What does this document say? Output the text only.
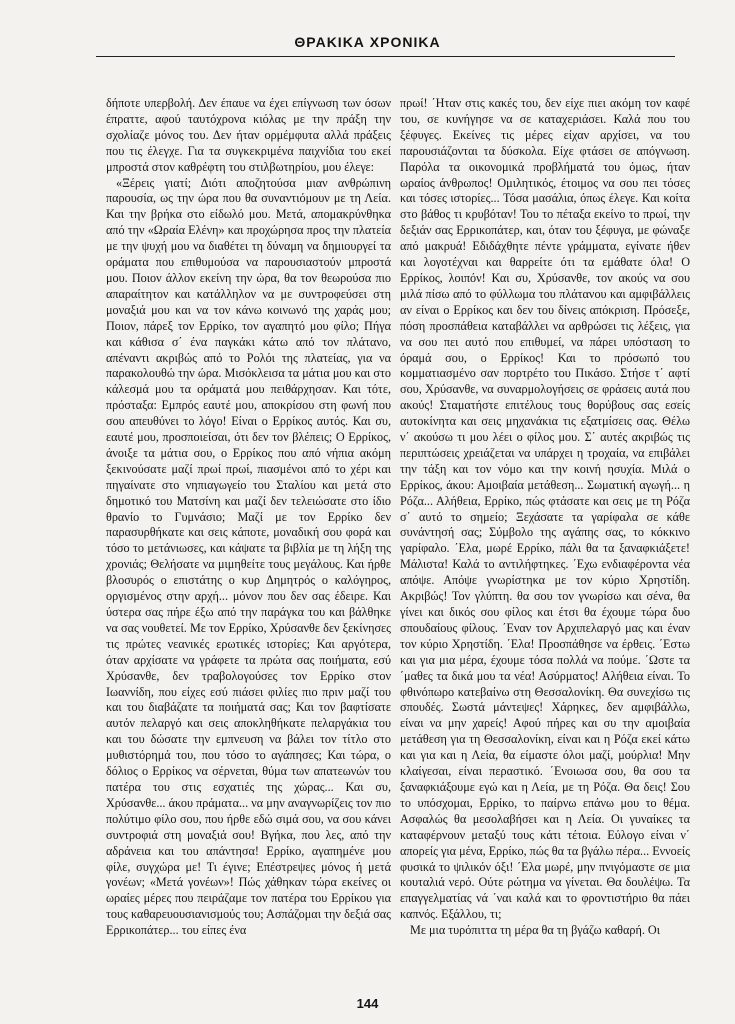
ΘΡΑΚΙΚΑ ΧΡΟΝΙΚΑ

δήποτε υπερβολή. Δεν έπαυε να έχει επίγνωση των όσων έπραττε, αφού ταυτόχρονα κιόλας με την πράξη την σχολίαζε μόνος του. Δεν ήταν ορμέμφυτα αλλά πράξεις που τις έλεγχε. Για τα συγκεκριμένα παιχνίδια του εκεί μπροστά στον καθρέφτη του στιλβωτηρίου, μου έλεγε:

«Ξέρεις γιατί; Διότι αποζητούσα μιαν ανθρώπινη παρουσία, ως την ώρα που θα συναντιόμουν με τη Λεία. Και την βρήκα στο είδωλό μου. Μετά, απομακρύνθηκα από την «Ωραία Ελένη» και προχώρησα προς την πλατεία με την ψυχή μου να διαθέτει τη δύναμη να δημιουργεί τα οράματα που επιθυμούσα να παρουσιαστούν μπροστά μου. Ποιον άλλον εκείνη την ώρα, θα τον θεωρούσα πιο απαραίτητον και κατάλληλον να με συντροφεύσει στη μοναξιά μου και να τον κάνω κοινωνό της χαράς μου; Ποιον, πάρεξ τον Ερρίκο, τον αγαπητό μου φίλο; Πήγα και κάθισα σ΄ ένα παγκάκι κάτω από τον πλάτανο, απέναντι ακριβώς από το Ρολόι της πλατείας, για να παρακολουθώ την ώρα. Μισόκλεισα τα μάτια μου και στο κάλεσμά μου τα οράματά μου πειθάρχησαν. Και τότε, πρόσταξα: Εμπρός εαυτέ μου, αποκρίσου στη φωνή που σου απευθύνει το λόγο! Είναι ο Ερρίκος αυτός. Και συ, εαυτέ μου, προσποιείσαι, ότι δεν τον βλέπεις; Ο Ερρίκος, άνοιξε τα μάτια σου, ο Ερρίκος που από νήπια ακόμη ξεκινούσατε μαζί πρωί πρωί, πιασμένοι από το χέρι και πηγαίνατε στο νηπιαγωγείο του Σταλίου και μετά στο δημοτικό του Ματσίνη και μαζί δεν τελειώσατε στο ίδιο θρανίο το Γυμνάσιο; Μαζί με τον Ερρίκο δεν παρασυρθήκατε και σεις κάποτε, μοναδική σου φορά και τόσο το μετάνιωσες, και κάψατε τα βιβλία με τη λήξη της χρονιάς; Θελήσατε να μιμηθείτε τους μεγάλους. Και ήρθε βλοσυρός ο επιστάτης ο κυρ Δημητρός ο καλόγηρος, οργισμένος στην αρχή... μόνον που δεν σας έδειρε. Και ύστερα σας πήρε έξω από την παράγκα του και βάλθηκε να σας νουθετεί. Με τον Ερρίκο, Χρύσανθε δεν ξεκίνησες τις πρώτες νεανικές ερωτικές ιστορίες; Και αργότερα, όταν αρχίσατε να γράφετε τα πρώτα σας ποιήματα, εσύ Χρύσανθε, δεν τραβολογούσες τον Ερρίκο στον Ιωαννίδη, που είχες εσύ πιάσει φιλίες πιο πριν μαζί του και του διαβάζατε τα ποιήματά σας; Και τον βαφτίσατε αυτόν πελαργό και σεις αποκληθήκατε πελαργάκια του και του δώσατε την εμπνευση να βάλει τον τίτλο στο μυθιστόρημά του, που τόσο το αγάπησες; Και τώρα, ο δόλιος ο Ερρίκος να σέρνεται, θύμα των απατεωνών του πατέρα του στις εσχατιές της χώρας... Και συ, Χρύσανθε... άκου πράματα... να μην αναγνωρίζεις τον πιο πολύτιμο φίλο σου, που ήρθε εδώ σιμά σου, να σου κάνει συντροφιά στη μοναξιά σου! Βγήκα, που λες, από την αδράνεια και του απάντησα! Ερρίκο, αγαπημένε μου φίλε, συγχώρα με! Τι έγινε; Επέστρεψες μόνος ή μετά γονέων; «Μετά γονέων»! Πώς χάθηκαν τώρα εκείνες οι ωραίες μέρες που πειράζαμε τον πατέρα του Ερρίκου για τους καθαρευουσιανισμούς του; Ασπάζομαι την δεξιά σας Ερρικοπάτερ... του είπες ένα

πρωί! ΄Ηταν στις κακές του, δεν είχε πιει ακόμη τον καφέ του, σε κυνήγησε να σε καταχεριάσει. Καλά που του ξέφυγες. Εκείνες τις μέρες είχαν αρχίσει, να του παρουσιάζονται τα δύσκολα. Είχε φτάσει σε απόγνωση. Παρόλα τα οικονομικά προβλήματά του όμως, ήταν ωραίος άνθρωπος! Ομιλητικός, έτοιμος να σου πει τόσες και τόσες ιστορίες... Τόσα μασάλια, όπως έλεγε. Και κοίτα στο βάθος τι κρυβόταν! Του το πέταξα εκείνο το πρωί, την δεξιάν σας Ερρικοπάτερ, και, όταν του ξέφυγα, με φώναξε από μακρυά! Εδιδάχθητε πέντε γράμματα, εγίνατε ήθεν και λογοτέχναι και θαρρείτε ότι τα εμάθατε όλα! Ο Ερρίκος, λοιπόν! Και συ, Χρύσανθε, τον ακούς να σου μιλά πίσω από το φύλλωμα του πλάτανου και αμφιβάλλεις αν είναι ο Ερρίκος και δεν του δίνεις απόκριση. Πρόσεξε, πόση προσπάθεια καταβάλλει να αρθρώσει τις λέξεις, για να σου πει αυτό που επιθυμεί, να πάρει υπόσταση το όραμά σου, ο Ερρίκος! Και το πρόσωπό του κομματιασμένο σαν πορτρέτο του Πικάσο. Στήσε τ΄ αφτί σου, Χρύσανθε, να συναρμολογήσεις σε φράσεις αυτά που ακούς! Σταματήστε επιτέλους τους θορύβους σας εσείς αυτοκίνητα και σεις μηχανάκια τις εξατμίσεις σας. Θέλω ν΄ ακούσω τι μου λέει ο φίλος μου. Σ΄ αυτές ακριβώς τις περιπτώσεις χρειάζεται να υπάρχει η τροχαία, να επιβάλει την τάξη και τον νόμο και την κοινή ησυχία. Μιλά ο Ερρίκος, άκου: Αμοιβαία μετάθεση... Σωματική αγωγή... η Ρόζα... Αλήθεια, Ερρίκο, πώς φτάσατε και σεις με τη Ρόζα σ΄ αυτό το σημείο; Ξεχάσατε τα γαρίφαλα σε κάθε συνάντησή σας; Σύμβολο της αγάπης σας, το κόκκινο γαρίφαλο. ΄Ελα, μωρέ Ερρίκο, πάλι θα τα ξαναφκιάξετε! Μάλιστα! Καλά το αντιλήφτηκες. ΄Εχω ενδιαφέροντα νέα απόψε. Απόψε γνωρίστηκα με τον κύριο Χρηστίδη. Ακριβώς! Τον γλύπτη. θα σου τον γνωρίσω και σένα, θα γίνει και δικός σου φίλος και έτσι θα έχουμε τώρα δυο σπουδαίους φίλους. ΄Εναν τον Αρχιπελαργό μας και έναν τον κύριο Χρηστίδη. ΄Ελα! Προσπάθησε να έρθεις. ΄Εστω και για μια μέρα, έχουμε τόσα πολλά να πούμε. ΄Ωστε τα ΄μαθες τα δικά μου τα νέα! Ασύρματος! Αλήθεια είναι. Το φθινόπωρο κατεβαίνω στη Θεσσαλονίκη. Θα συνεχίσω τις σπουδές. Σωστά μάντεψες! Χάρηκες, δεν αμφιβάλλω, είναι να μην χαρείς! Αφού πήρες και συ την αμοιβαία μετάθεση για τη Θεσσαλονίκη, είναι και η Ρόζα εκεί κάτω και για και η Λεία, θα είμαστε όλοι μαζί, μούρλια! Μην κλαίγεσαι, είναι περαστικό. ΄Ενοιωσα σου, θα σου τα ξαναφκιάξουμε εγώ και η Λεία, με τη Ρόζα. Θα δεις! Σου το υπόσχομαι, Ερρίκο, το παίρνω επάνω μου το θέμα. Ασφαλώς θα μεσολαβήσει και η Λεία. Οι γυναίκες τα καταφέρνουν μεταξύ τους κάτι τέτοια. Εύλογο είναι ν΄ απορείς για μένα, Ερρίκο, πώς θα τα βγάλω πέρα... Εννοείς φυσικά το ψιλικόν όξι! ΄Ελα μωρέ, μην πνιγόμαστε σε μια κουταλιά νερό. Ούτε ρώτημα να γίνεται. Θα δουλέψω. Τα επαγγελματίας νά ΄ναι καλά και το φροντιστήριο θα πάει καπνός. Εξάλλου, τι;

Με μια τυρόπιττα τη μέρα θα τη βγάζω καθαρή. Οι

144
